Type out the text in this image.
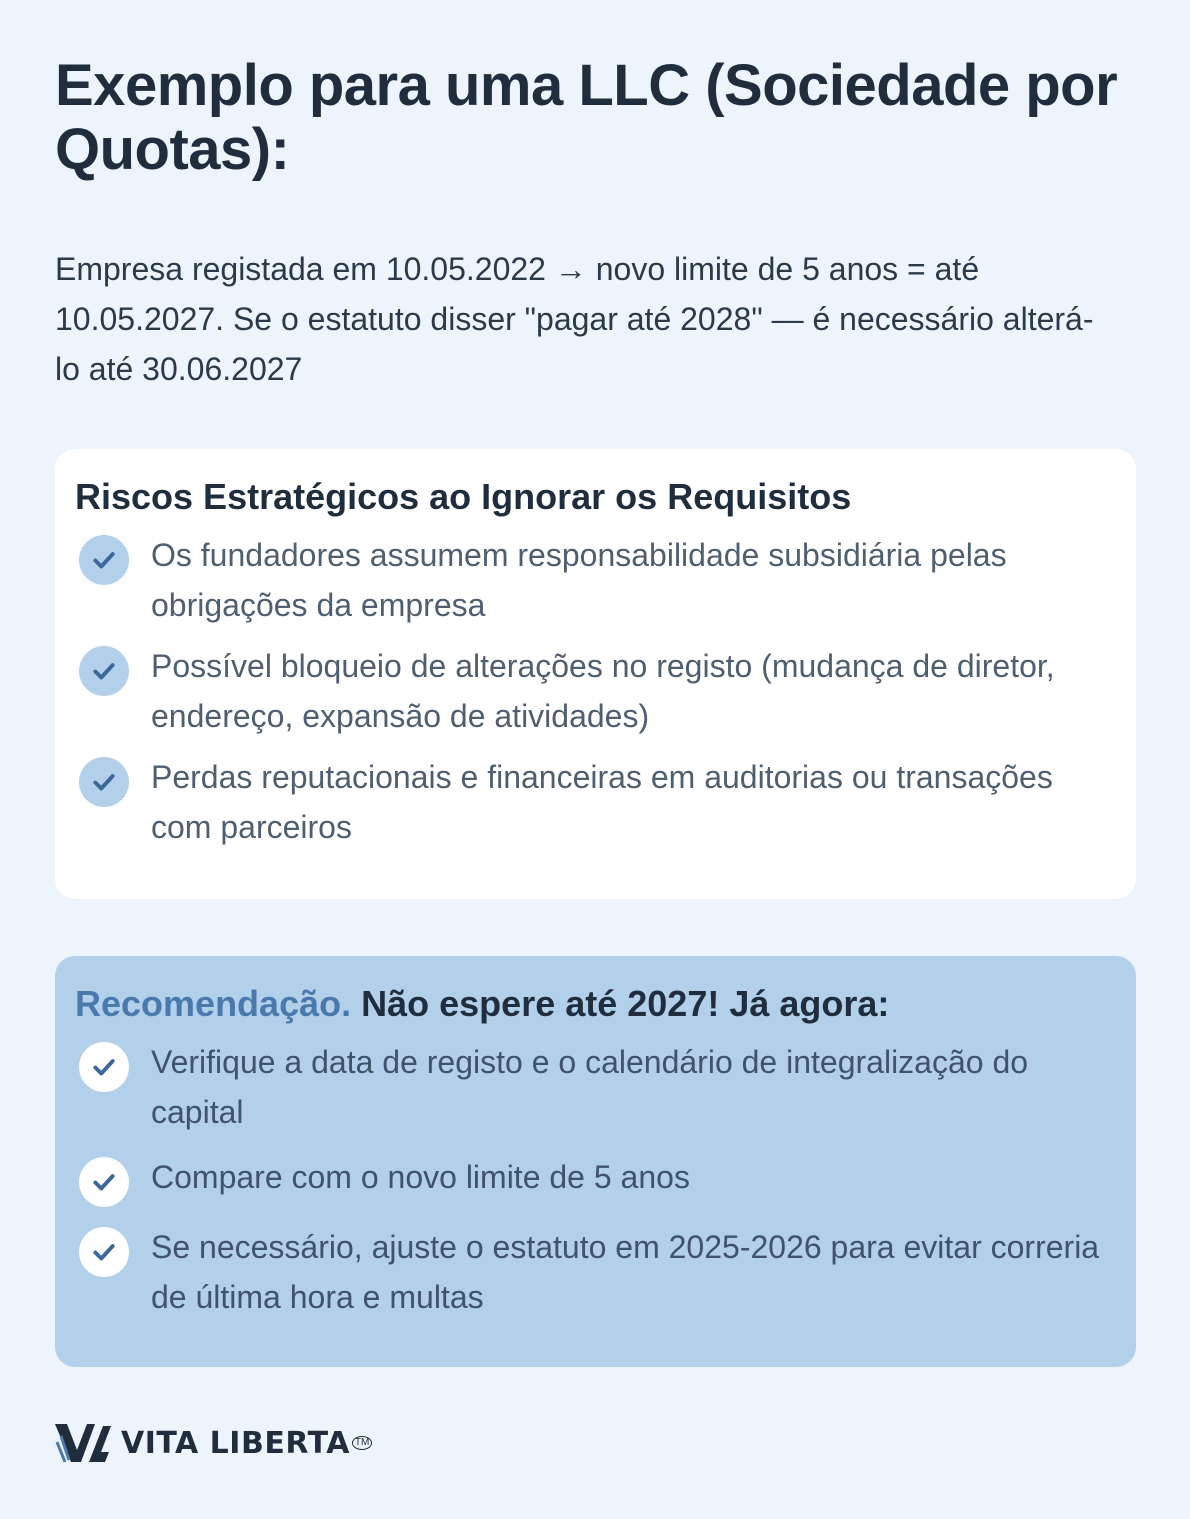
Exemplo para uma LLC (Sociedade por Quotas):

Empresa registada em 10.05.2022 → novo limite de 5 anos = até 10.05.2027. Se o estatuto disser "pagar até 2028" — é necessário alterá-lo até 30.06.2027

Riscos Estratégicos ao Ignorar os Requisitos
Os fundadores assumem responsabilidade subsidiária pelas obrigações da empresa
Possível bloqueio de alterações no registo (mudança de diretor, endereço, expansão de atividades)
Perdas reputacionais e financeiras em auditorias ou transações com parceiros
Recomendação. Não espere até 2027! Já agora:
Verifique a data de registo e o calendário de integralização do capital
Compare com o novo limite de 5 anos
Se necessário, ajuste o estatuto em 2025-2026 para evitar correria de última hora e multas
VITA LIBERTA TM
